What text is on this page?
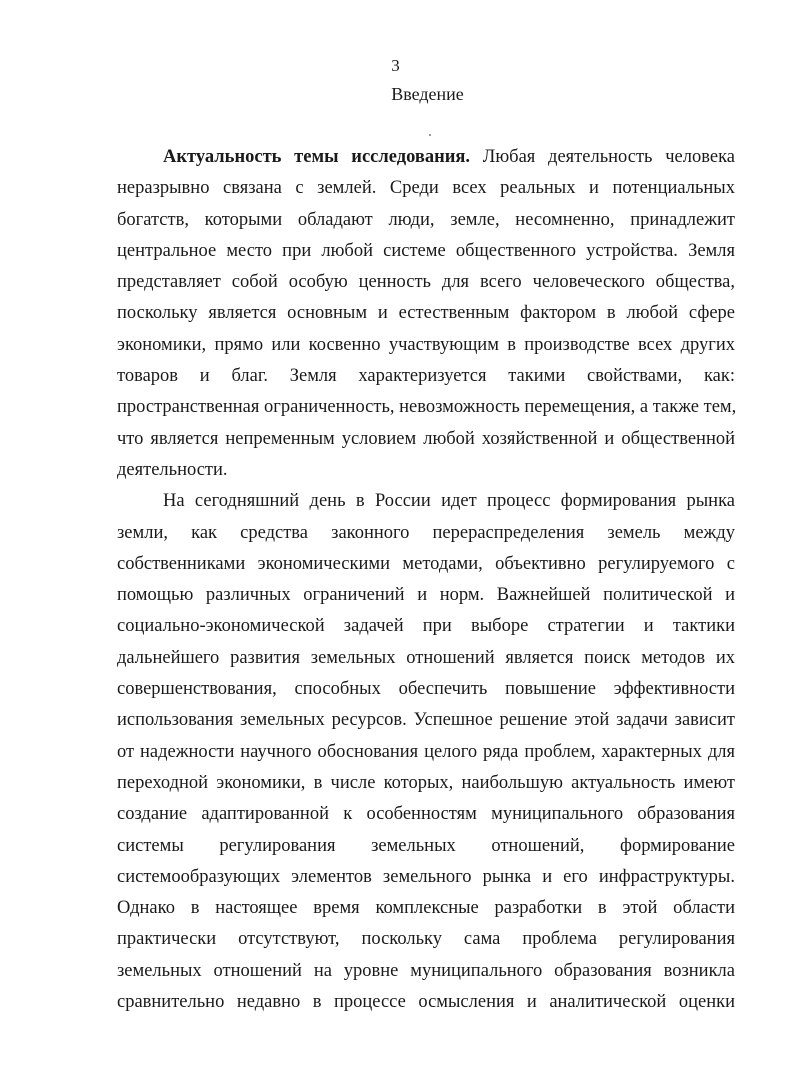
3
Введение
Актуальность темы исследования. Любая деятельность человека
неразрывно связана с землей. Среди всех реальных и потенциальных
богатств, которыми обладают люди, земле, несомненно, принадлежит
центральное место при любой системе общественного устройства. Земля
представляет собой особую ценность для всего человеческого общества,
поскольку является основным и естественным фактором в любой сфере
экономики, прямо или косвенно участвующим в производстве всех других
товаров и благ. Земля характеризуется такими свойствами, как:
пространственная ограниченность, невозможность перемещения, а также тем,
что является непременным условием любой хозяйственной и общественной
деятельности.
На сегодняшний день в России идет процесс формирования рынка
земли, как средства законного перераспределения земель между
собственниками экономическими методами, объективно регулируемого с
помощью различных ограничений и норм. Важнейшей политической и
социально-экономической задачей при выборе стратегии и тактики
дальнейшего развития земельных отношений является поиск методов их
совершенствования, способных обеспечить повышение эффективности
использования земельных ресурсов. Успешное решение этой задачи зависит
от надежности научного обоснования целого ряда проблем, характерных для
переходной экономики, в числе которых, наибольшую актуальность имеют
создание адаптированной к особенностям муниципального образования
системы регулирования земельных отношений, формирование
системообразующих элементов земельного рынка и его инфраструктуры.
Однако в настоящее время комплексные разработки в этой области
практически отсутствуют, поскольку сама проблема регулирования
земельных отношений на уровне муниципального образования возникла
сравнительно недавно в процессе осмысления и аналитической оценки
